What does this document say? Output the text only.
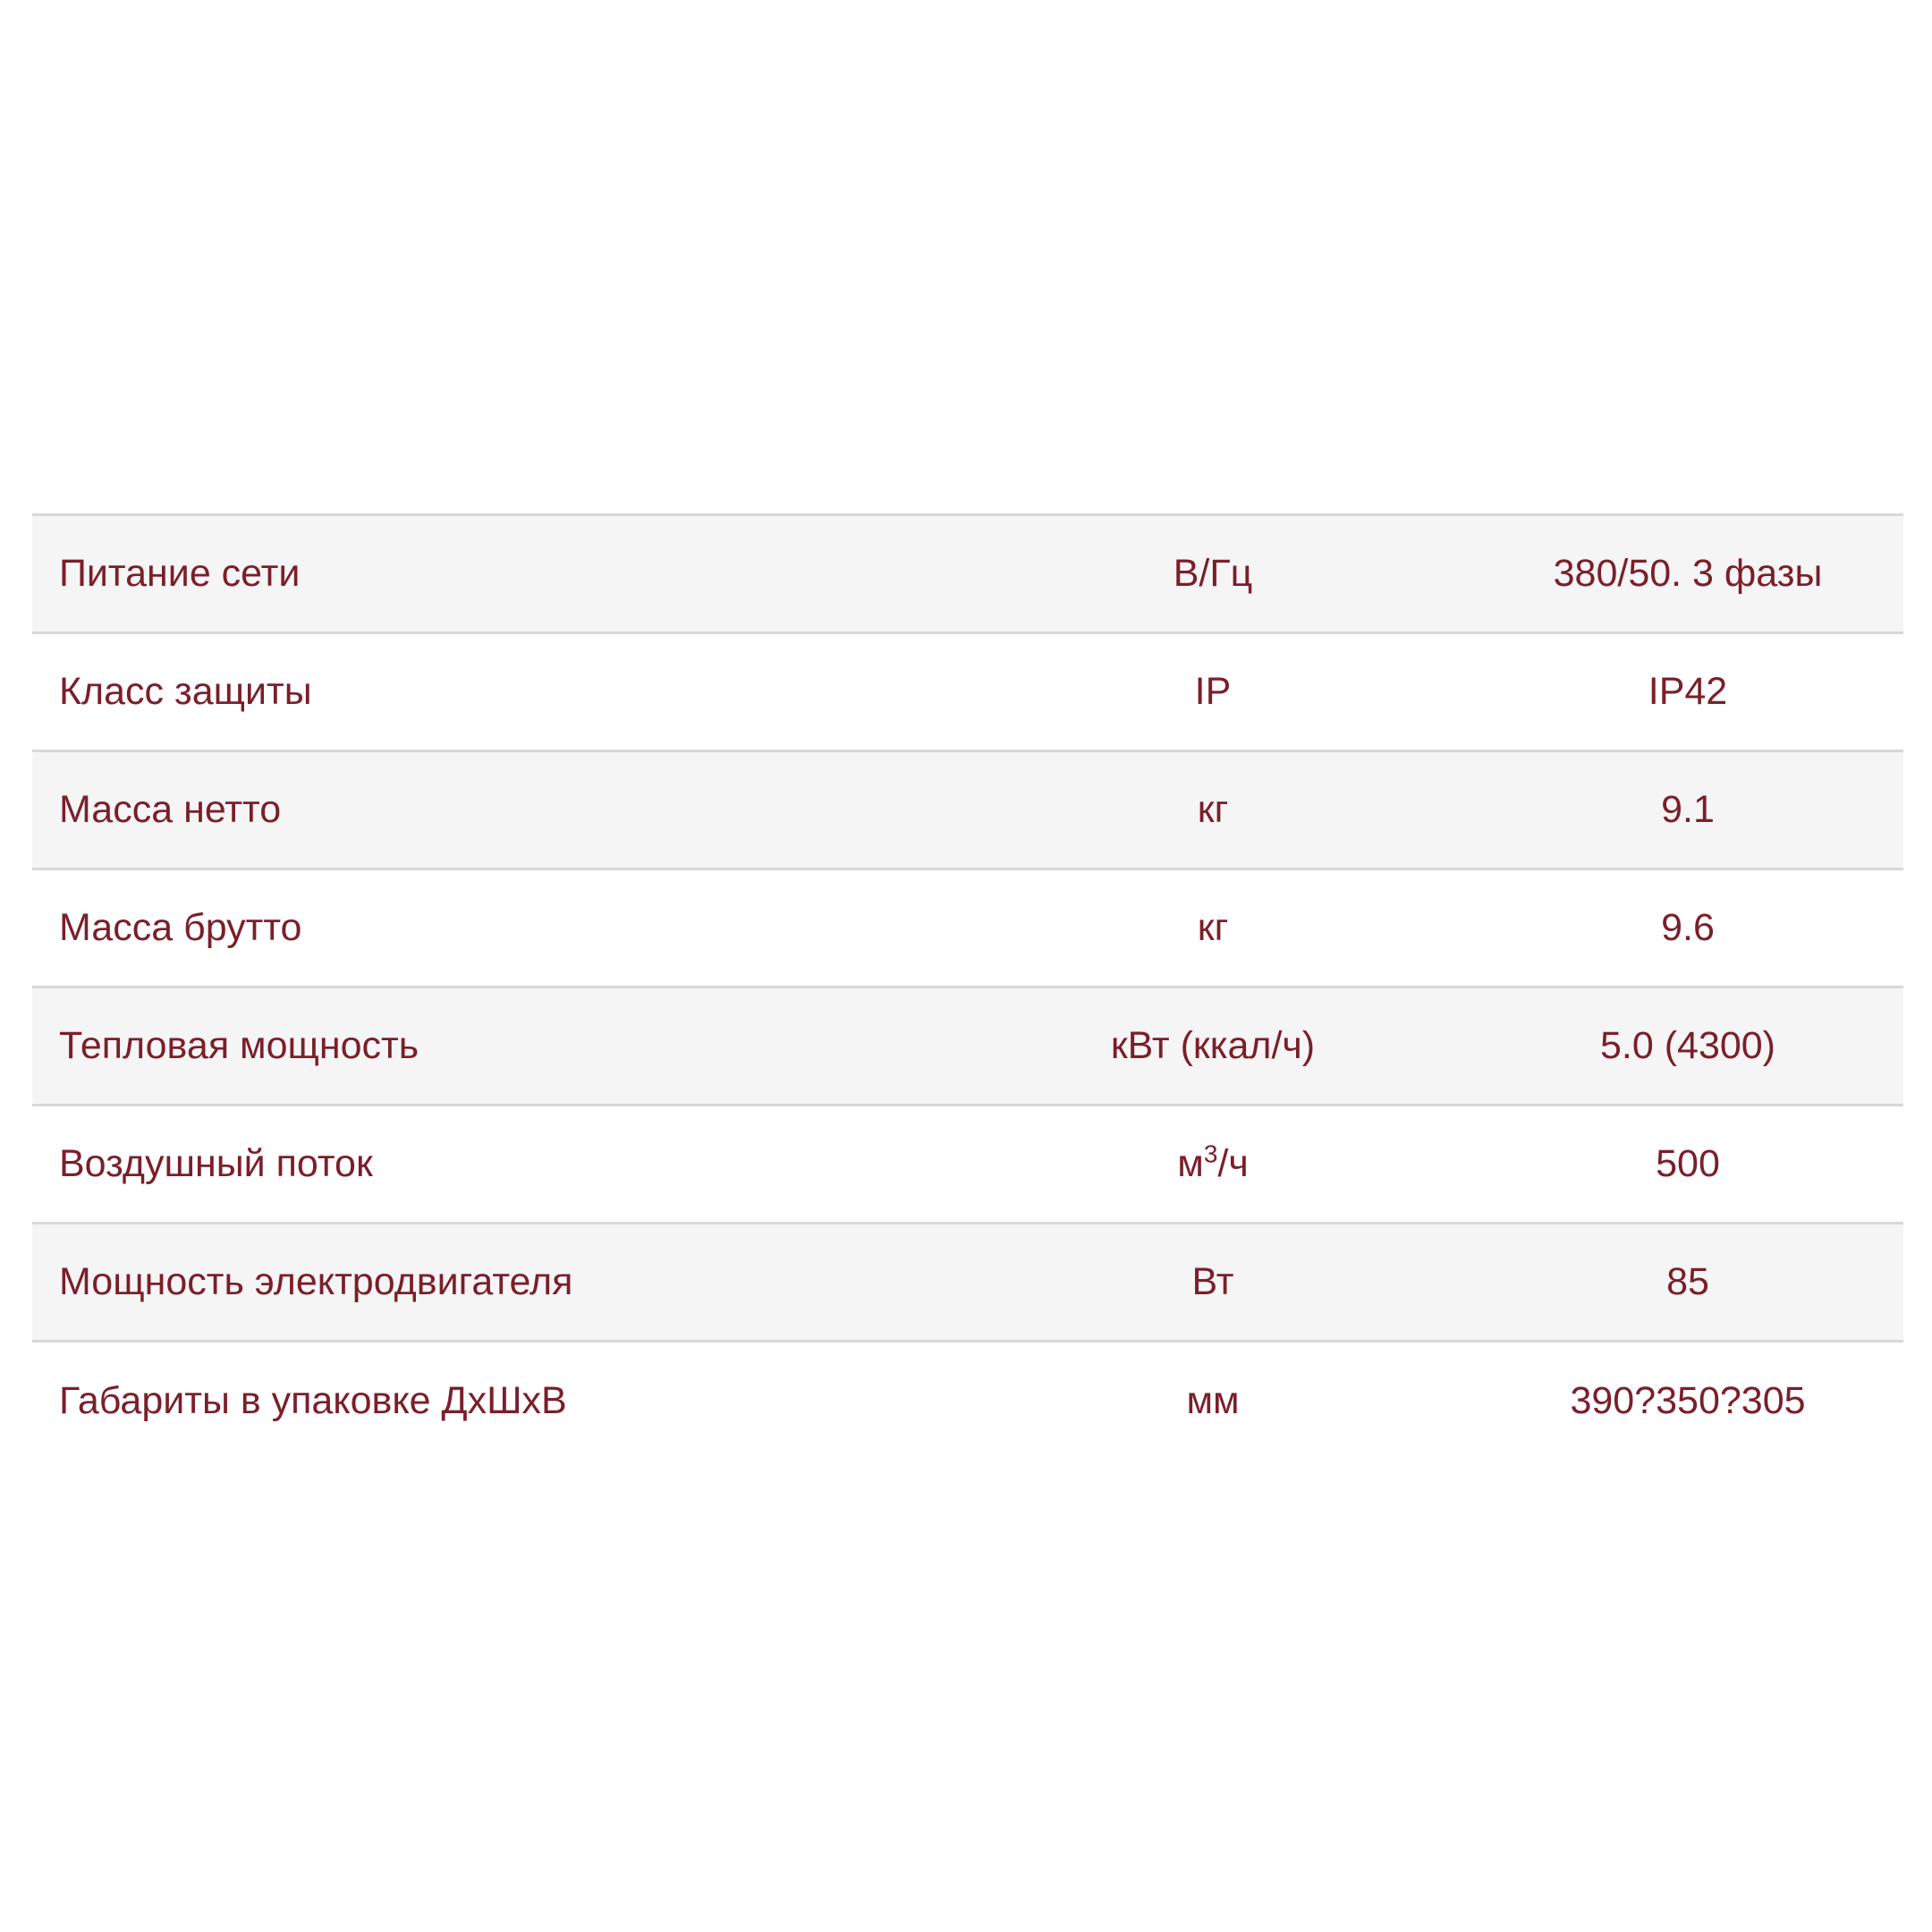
Питание сети	В/Гц	380/50. 3 фазы
Класс защиты	IP	IP42
Масса нетто	кг	9.1
Масса брутто	кг	9.6
Тепловая мощность	кВт (ккал/ч)	5.0 (4300)
Воздушный поток	$м^3/ч$	500
Мощность электродвигателя	Вт	85
Габариты в упаковке ДхШхВ	мм	390?350?305
